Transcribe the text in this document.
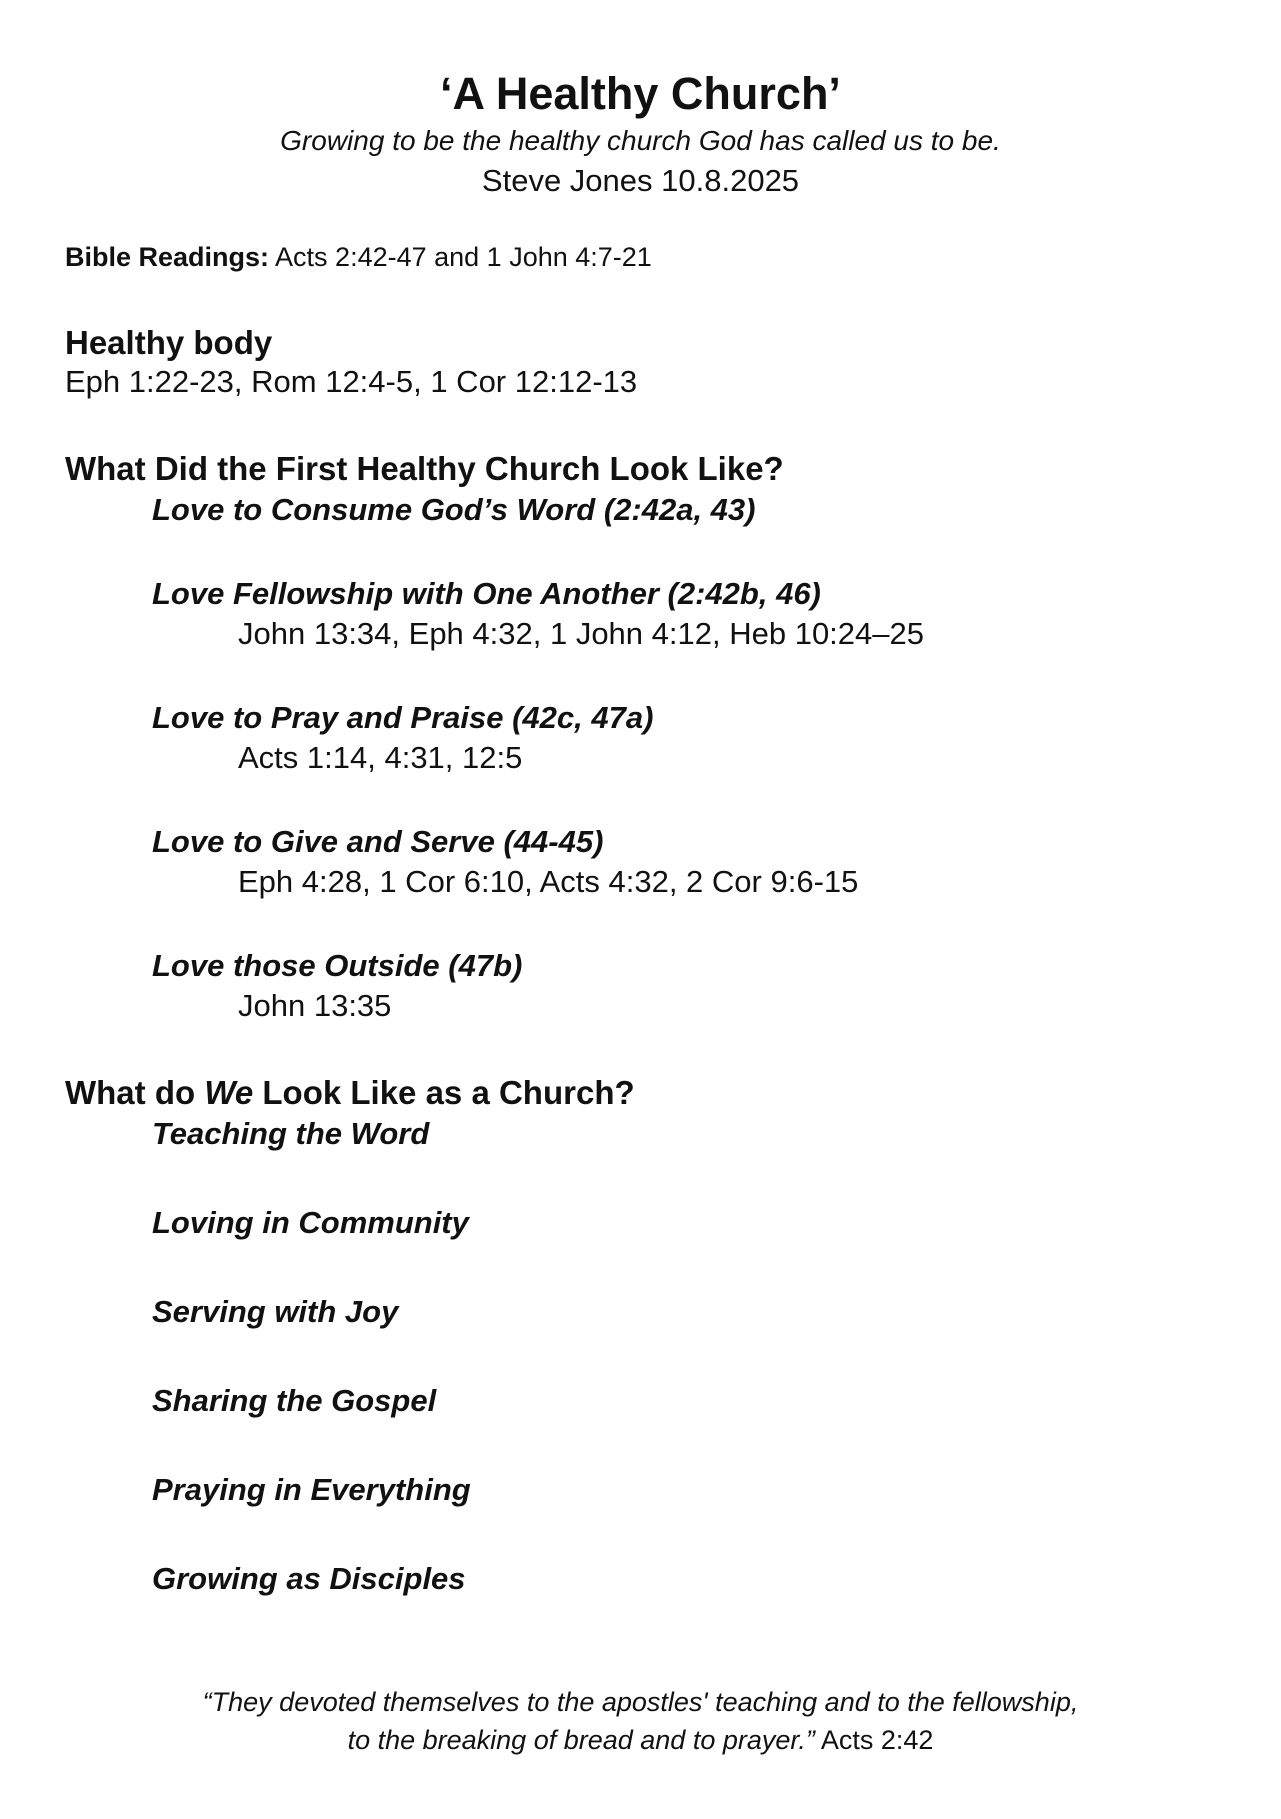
‘A Healthy Church’
Growing to be the healthy church God has called us to be.
Steve Jones 10.8.2025
Bible Readings: Acts 2:42-47 and 1 John 4:7-21
Healthy body
Eph 1:22-23, Rom 12:4-5, 1 Cor 12:12-13
What Did the First Healthy Church Look Like?
Love to Consume God’s Word (2:42a, 43)
Love Fellowship with One Another (2:42b, 46)
John 13:34, Eph 4:32, 1 John 4:12, Heb 10:24–25
Love to Pray and Praise (42c, 47a)
Acts 1:14, 4:31, 12:5
Love to Give and Serve (44-45)
Eph 4:28, 1 Cor 6:10, Acts 4:32, 2 Cor 9:6-15
Love those Outside (47b)
John 13:35
What do We Look Like as a Church?
Teaching the Word
Loving in Community
Serving with Joy
Sharing the Gospel
Praying in Everything
Growing as Disciples
“They devoted themselves to the apostles' teaching and to the fellowship,
to the breaking of bread and to prayer.” Acts 2:42
